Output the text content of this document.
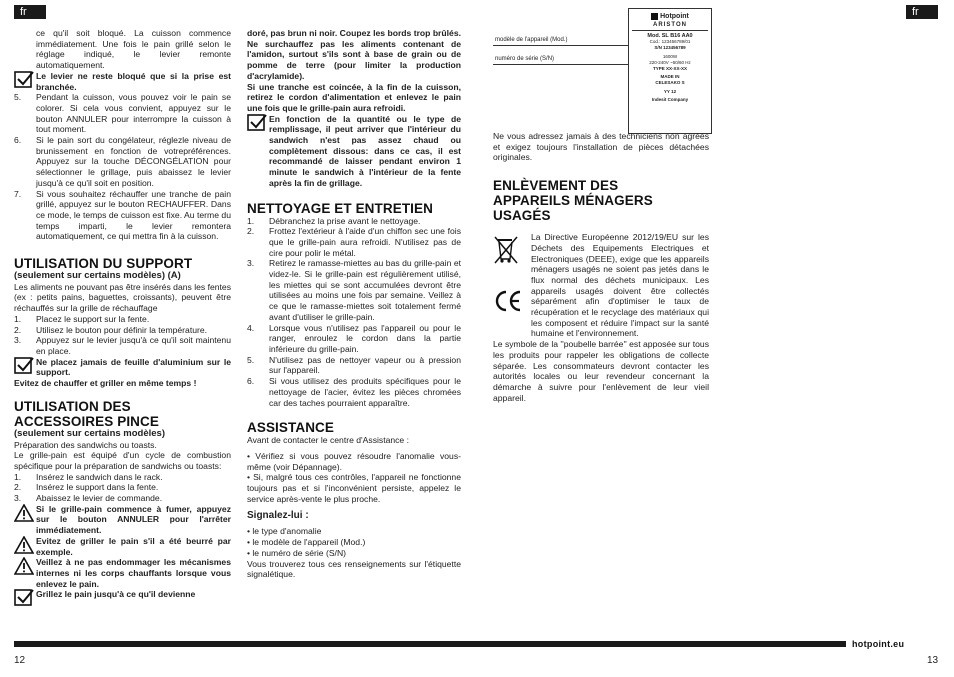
fr	fr

ce qu'il soit bloqué. La cuisson commence immédiatement. Une fois le pain grillé selon le réglage indiqué, le levier remonte automatiquement.

Le levier ne reste bloqué que si la prise est branchée.
5.	Pendant la cuisson, vous pouvez voir le pain se colorer. Si cela vous convient, appuyez sur le bouton ANNULER pour interrompre la cuisson à tout moment.
6.	Si le pain sort du congélateur, réglezle niveau de brunissement en fonction de votrepréférences. Appuyez sur la touche DÉCONGÉLATION pour sélectionner le grillage, puis abaissez le levier jusqu'à ce qu'il soit en position.
7.	Si vous souhaitez réchauffer une tranche de pain grillé, appuyez sur le bouton RECHAUFFER. Dans ce mode, le temps de cuisson est fixe. Au terme du temps imparti, le levier remontera automatiquement, ce qui mettra fin à la cuisson.
UTILISATION DU SUPPORT
(seulement sur certains modèles) (A)

Les aliments ne pouvant pas être insérés dans les fentes (ex : petits pains, baguettes, croissants), peuvent être réchauffés sur la grille de réchauffage

1.	Placez le support sur la fente.
2.	Utilisez le bouton pour définir la température.
3.	Appuyez sur le levier jusqu'à ce qu'il soit maintenu en place.
Ne placez jamais de feuille d'aluminium sur le support.

Evitez de chauffer et griller en même temps !

UTILISATION DES
ACCESSOIRES PINCE
(seulement sur certains modèles)

Préparation des sandwichs ou toasts.

Le grille-pain est équipé d'un cycle de combustion spécifique pour la préparation de sandwichs ou toasts:

1.	Insérez le sandwich dans le rack.
2.	Insérez le support dans la fente.
3.	Abaissez le levier de commande.
Si le grille-pain commence à fumer, appuyez sur le bouton ANNULER pour l'arrêter immédiatement.
Evitez de griller le pain s'il a été beurré par exemple.
Veillez à ne pas endommager les mécanismes internes ni les corps chauffants lorsque vous enlevez le pain.
Grillez le pain jusqu'à ce qu'il devienne

doré, pas brun ni noir. Coupez les bords trop brûlés. Ne surchauffez pas les aliments contenant de l'amidon, surtout s'ils sont à base de grain ou de pomme de terre (pour limiter la production d'acrylamide).

Si une tranche est coincée, à la fin de la cuisson, retirez le cordon d'alimentation et enlevez le pain une fois que le grille-pain aura refroidi.

En fonction de la quantité ou le type de remplissage, il peut arriver que l'intérieur du sandwich n'est pas assez chaud ou complètement dissous: dans ce cas, il est recommandé de laisser pendant environ 1 minute le sandwich à l'intérieur de la fente après la fin de grillage.
NETTOYAGE ET ENTRETIEN
1.	Débranchez la prise avant le nettoyage.
2.	Frottez l'extérieur à l'aide d'un chiffon sec une fois que le grille-pain aura refroidi. N'utilisez pas de cire pour polir le métal.
3.	Retirez le ramasse-miettes au bas du grille-pain et videz-le. Si le grille-pain est régulièrement utilisé, les miettes qui se sont accumulées devront être utilisées au moins une fois par semaine. Veillez à ce que le ramasse-miettes soit totalement fermé avant d'utiliser le grille-pain.
4.	Lorsque vous n'utilisez pas l'appareil ou pour le ranger, enroulez le cordon dans la partie inférieure du grille-pain.
5.	N'utilisez pas de nettoyer vapeur ou à pression sur l'appareil.
6.	Si vous utilisez des produits spécifiques pour le nettoyage de l'acier, évitez les pièces chromées car des taches pourraient apparaître.
ASSISTANCE

Avant de contacter le centre d'Assistance :

• Vérifiez si vous pouvez résoudre l'anomalie vous-même (voir Dépannage).

• Si, malgré tous ces contrôles, l'appareil ne fonctionne toujours pas et si l'inconvénient persiste, appelez le service après-vente le plus proche.

Signalez-lui :

• le type d'anomalie

• le modèle de l'appareil (Mod.)

• le numéro de série (S/N)

Vous trouverez tous ces renseignements sur l'étiquette signalétique.

modèle de l'appareil (Mod.)
numéro de série (S/N)
Hotpoint
ARISTON
Mod. SL B16 AA0
Cod.: 123456789/01
S/N 123456789
1600W
220-240V ~50/60 Hz
TYPE XX-XX-XX
MADE IN
CELESAKO S
YY 12
Indesit Company

Ne vous adressez jamais à des techniciens non agréés et exigez toujours l'installation de pièces détachées originales.

ENLÈVEMENT DES
APPAREILS MÉNAGERS
USAGÉS

La Directive Européenne 2012/19/EU sur les Déchets des Equipements Electriques et Electroniques (DEEE), exige que les appareils ménagers usagés ne soient pas jetés dans le flux normal des déchets municipaux. Les appareils usagés doivent être collectés séparément afin d'optimiser le taux de récupération et le recyclage des matériaux qui les composent et réduire l'impact sur la santé humaine et l'environnement.

Le symbole de la ''poubelle barrée'' est apposée sur tous les produits pour rappeler les obligations de collecte séparée. Les consommateurs devront contacter les autorités locales ou leur revendeur concernant la démarche à suivre pour l'enlèvement de leur vieil appareil.

hotpoint.eu
12	13
